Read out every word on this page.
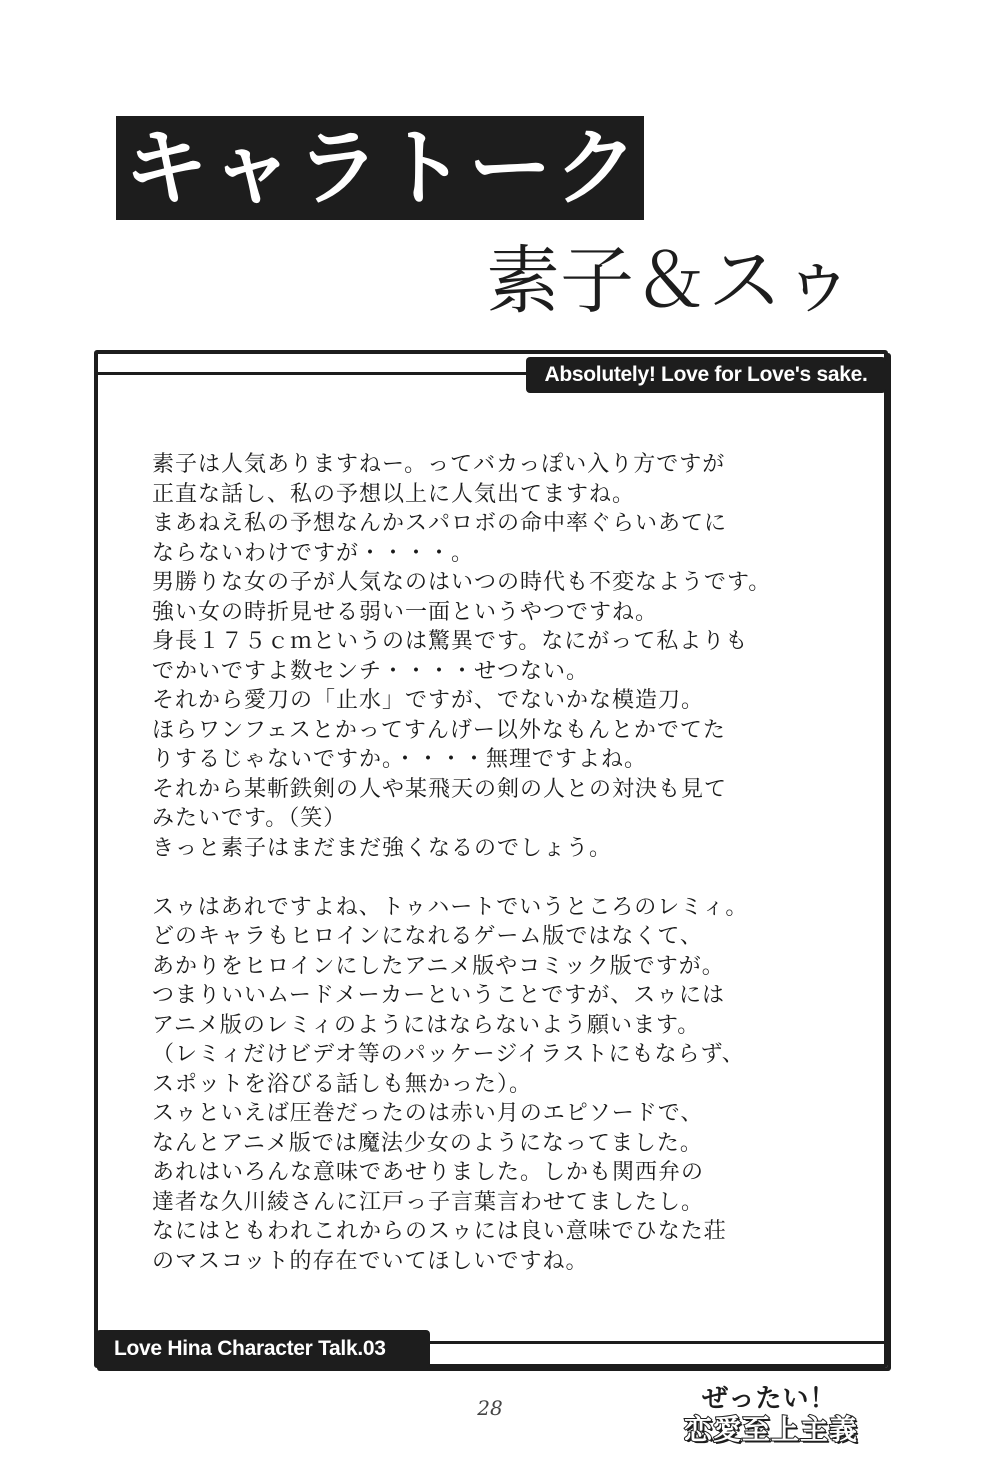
キャラトーク
素子＆スゥ
Absolutely! Love for Love's sake.
Love Hina Character Talk.03
素子は人気ありますねー。ってバカっぽい入り方ですが
正直な話し、私の予想以上に人気出てますね。
まあねえ私の予想なんかスパロボの命中率ぐらいあてに
ならないわけですが・・・・。
男勝りな女の子が人気なのはいつの時代も不変なようです。
強い女の時折見せる弱い一面というやつですね。
身長１７５ｃｍというのは驚異です。なにがって私よりも
でかいですよ数センチ・・・・せつない。
それから愛刀の「止水」ですが、でないかな模造刀。
ほらワンフェスとかってすんげー以外なもんとかでてた
りするじゃないですか。・・・・無理ですよね。
それから某斬鉄剣の人や某飛天の剣の人との対決も見て
みたいです。（笑）
きっと素子はまだまだ強くなるのでしょう。
スゥはあれですよね、トゥハートでいうところのレミィ。
どのキャラもヒロインになれるゲーム版ではなくて、
あかりをヒロインにしたアニメ版やコミック版ですが。
つまりいいムードメーカーということですが、スゥには
アニメ版のレミィのようにはならないよう願います。
（レミィだけビデオ等のパッケージイラストにもならず、
スポットを浴びる話しも無かった）。
スゥといえば圧巻だったのは赤い月のエピソードで、
なんとアニメ版では魔法少女のようになってました。
あれはいろんな意味であせりました。しかも関西弁の
達者な久川綾さんに江戸っ子言葉言わせてましたし。
なにはともわれこれからのスゥには良い意味でひなた荘
のマスコット的存在でいてほしいですね。
28	ぜったい！
恋愛至上主義
